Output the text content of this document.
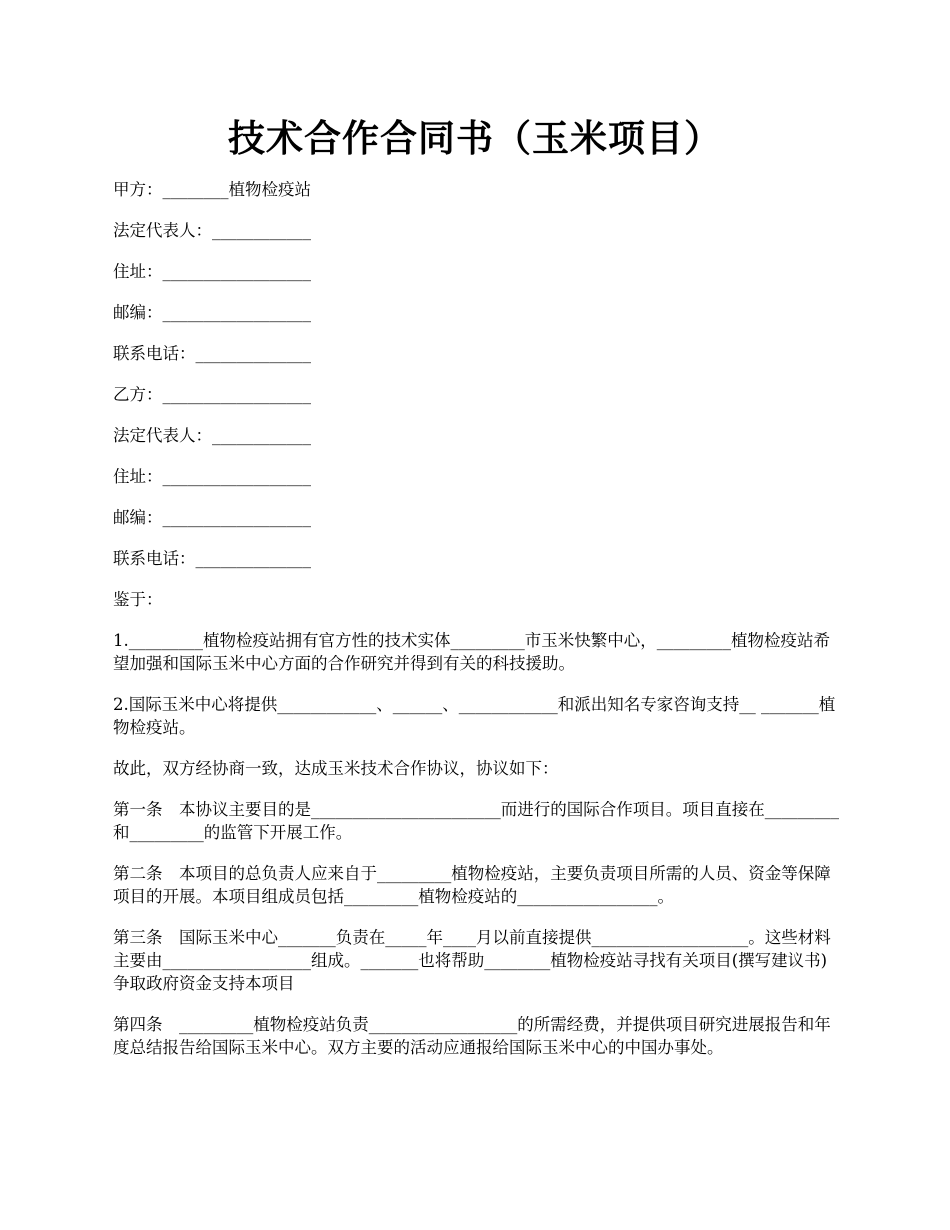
技术合作合同书（玉米项目）

甲方：________植物检疫站

法定代表人：____________

住址：__________________

邮编：__________________

联系电话：______________

乙方：__________________

法定代表人：____________

住址：__________________

邮编：__________________

联系电话：______________

鉴于：

1._________植物检疫站拥有官方性的技术实体_________市玉米快繁中心，_________植物检疫站希望加强和国际玉米中心方面的合作研究并得到有关的科技援助。

2.国际玉米中心将提供____________、______、____________和派出知名专家咨询支持__ _______植物检疫站。

故此，双方经协商一致，达成玉米技术合作协议，协议如下：

第一条　本协议主要目的是_______________________而进行的国际合作项目。项目直接在_________和_________的监管下开展工作。

第二条　本项目的总负责人应来自于_________植物检疫站，主要负责项目所需的人员、资金等保障项目的开展。本项目组成员包括_________植物检疫站的_________________。

第三条　国际玉米中心_______负责在_____年____月以前直接提供___________________。这些材料主要由__________________组成。_______也将帮助________植物检疫站寻找有关项目(撰写建议书)争取政府资金支持本项目

第四条　_________植物检疫站负责__________________的所需经费，并提供项目研究进展报告和年度总结报告给国际玉米中心。双方主要的活动应通报给国际玉米中心的中国办事处。
